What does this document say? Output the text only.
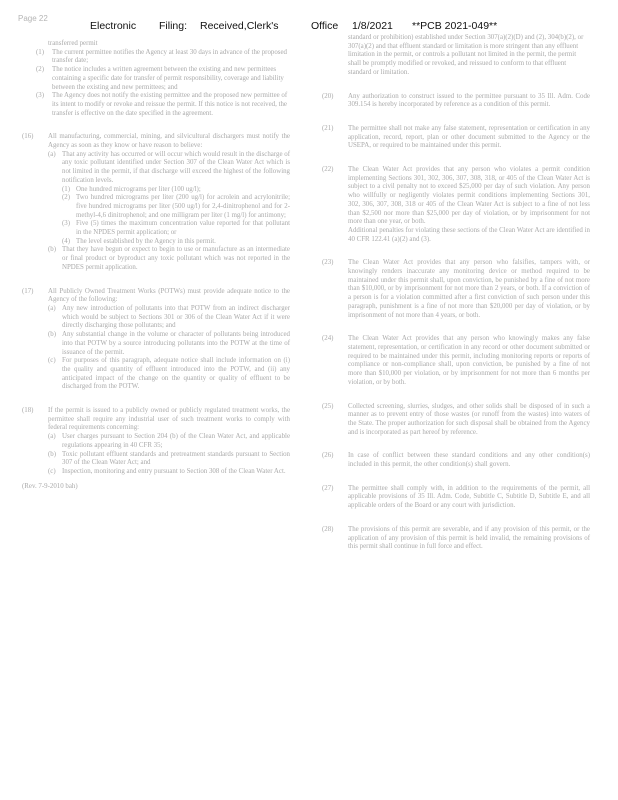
Page 22
Electronic Filing: Received,Clerk's	Office 1/8/2021 **PCB 2021-049**

transferred permit

(1) The current permittee notifies the Agency at least 30 days in advance of the proposed transfer date;

(2) The notice includes a written agreement between the existing and new permittees containing a specific date for transfer of permit responsibility, coverage and liability between the existing and new permittees; and

(3) The Agency does not notify the existing permittee and the proposed new permittee of its intent to modify or revoke and reissue the permit. If this notice is not received, the transfer is effective on the date specified in the agreement.

(16)	All manufacturing, commercial, mining, and silvicultural dischargers must notify the Agency as soon as they know or have reason to believe:

(a) That any activity has occurred or will occur which would result in the discharge of any toxic pollutant identified under Section 307 of the Clean Water Act which is not limited in the permit, if that discharge will exceed the highest of the following notification levels.

(1) One hundred micrograms per liter (100 ug/l);

(2) Two hundred micrograms per liter (200 ug/l) for acrolein and acrylonitrile; five hundred micrograms per liter (500 ug/l) for 2,4-dinitrophenol and for 2-methyl-4,6 dinitrophenol; and one milligram per liter (1 mg/l) for antimony;

(3) Five (5) times the maximum concentration value reported for that pollutant in the NPDES permit application; or

(4) The level established by the Agency in this permit.

(b) That they have begun or expect to begin to use or manufacture as an intermediate or final product or byproduct any toxic pollutant which was not reported in the NPDES permit application.

(17)	All Publicly Owned Treatment Works (POTWs) must provide adequate notice to the Agency of the following:

(a) Any new introduction of pollutants into that POTW from an indirect discharger which would be subject to Sections 301 or 306 of the Clean Water Act if it were directly discharging those pollutants; and

(b) Any substantial change in the volume or character of pollutants being introduced into that POTW by a source introducing pollutants into the POTW at the time of issuance of the permit.

(c) For purposes of this paragraph, adequate notice shall include information on (i) the quality and quantity of effluent introduced into the POTW, and (ii) any anticipated impact of the change on the quantity or quality of effluent to be discharged from the POTW.

(18)	If the permit is issued to a publicly owned or publicly regulated treatment works, the permittee shall require any industrial user of such treatment works to comply with federal requirements concerning:

(a) User charges pursuant to Section 204 (b) of the Clean Water Act, and applicable regulations appearing in 40 CFR 35;

(b) Toxic pollutant effluent standards and pretreatment standards pursuant to Section 307 of the Clean Water Act; and

(c) Inspection, monitoring and entry pursuant to Section 308 of the Clean Water Act.

(Rev. 7-9-2010 bah)

standard or prohibition) established under Section 307(a)(2)(D) and (2), 304(b)(2), or 307(a)(2) and that effluent standard or limitation is more stringent than any effluent limitation in the permit, or controls a pollutant not limited in the permit, the permit shall be promptly modified or revoked, and reissued to conform to that effluent standard or limitation.

(20)	Any authorization to construct issued to the permittee pursuant to 35 Ill. Adm. Code 309.154 is hereby incorporated by reference as a condition of this permit.
(21)	The permittee shall not make any false statement, representation or certification in any application, record, report, plan or other document submitted to the Agency or the USEPA, or required to be maintained under this permit.
(22)	The Clean Water Act provides that any person who violates a permit condition implementing Sections 301, 302, 306, 307, 308, 318, or 405 of the Clean Water Act is subject to a civil penalty not to exceed $25,000 per day of such violation. Any person who willfully or negligently violates permit conditions implementing Sections 301, 302, 306, 307, 308, 318 or 405 of the Clean Water Act is subject to a fine of not less than $2,500 nor more than $25,000 per day of violation, or by imprisonment for not more than one year, or both.
Additional penalties for violating these sections of the Clean Water Act are identified in 40 CFR 122.41 (a)(2) and (3).
(23)	The Clean Water Act provides that any person who falsifies, tampers with, or knowingly renders inaccurate any monitoring device or method required to be maintained under this permit shall, upon conviction, be punished by a fine of not more than $10,000, or by imprisonment for not more than 2 years, or both. If a conviction of a person is for a violation committed after a first conviction of such person under this paragraph, punishment is a fine of not more than $20,000 per day of violation, or by imprisonment of not more than 4 years, or both.
(24)	The Clean Water Act provides that any person who knowingly makes any false statement, representation, or certification in any record or other document submitted or required to be maintained under this permit, including monitoring reports or reports of compliance or non-compliance shall, upon conviction, be punished by a fine of not more than $10,000 per violation, or by imprisonment for not more than 6 months per violation, or by both.
(25)	Collected screening, slurries, sludges, and other solids shall be disposed of in such a manner as to prevent entry of those wastes (or runoff from the wastes) into waters of the State. The proper authorization for such disposal shall be obtained from the Agency and is incorporated as part hereof by reference.
(26)	In case of conflict between these standard conditions and any other condition(s) included in this permit, the other condition(s) shall govern.
(27)	The permittee shall comply with, in addition to the requirements of the permit, all applicable provisions of 35 Ill. Adm. Code, Subtitle C, Subtitle D, Subtitle E, and all applicable orders of the Board or any court with jurisdiction.
(28)	The provisions of this permit are severable, and if any provision of this permit, or the application of any provision of this permit is held invalid, the remaining provisions of this permit shall continue in full force and effect.
